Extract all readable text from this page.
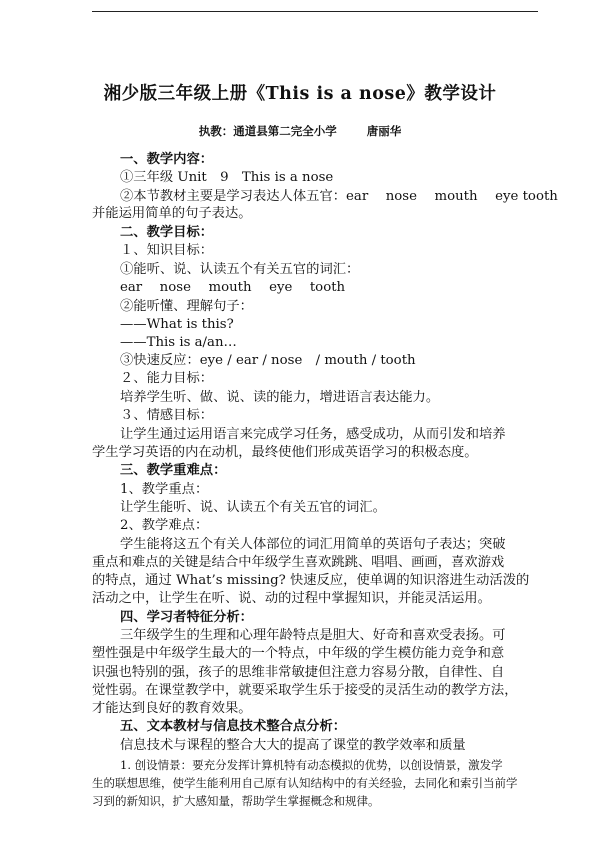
湘少版三年级上册《This is a nose》教学设计
执教：通道县第二完全小学	唐丽华
一、教学内容：
①三年级 Unit　9　This is a nose
②本节教材主要是学习表达人体五官：ear　 nose　 mouth　 eye tooth
并能运用简单的句子表达。
二、教学目标：
１、知识目标：
①能听、说、认读五个有关五官的词汇：
ear　 nose　 mouth　 eye　 tooth
②能听懂、理解句子：
——What is this?
——This is a/an…
③快速反应：eye / ear / nose　/ mouth / tooth
２、能力目标：
培养学生听、做、说、读的能力，增进语言表达能力。
３、情感目标：
让学生通过运用语言来完成学习任务，感受成功，从而引发和培养
学生学习英语的内在动机，最终使他们形成英语学习的积极态度。
三、教学重难点：
1、教学重点：
让学生能听、说、认读五个有关五官的词汇。
2、教学难点：
学生能将这五个有关人体部位的词汇用简单的英语句子表达；突破
重点和难点的关键是结合中年级学生喜欢跳跳、唱唱、画画，喜欢游戏
的特点，通过 What’s missing? 快速反应，使单调的知识溶进生动活泼的
活动之中，让学生在听、说、动的过程中掌握知识，并能灵活运用。
四、学习者特征分析：
三年级学生的生理和心理年龄特点是胆大、好奇和喜欢受表扬。可
塑性强是中年级学生最大的一个特点，中年级的学生模仿能力竞争和意
识强也特别的强，孩子的思维非常敏捷但注意力容易分散，自律性、自
觉性弱。在课堂教学中，就要采取学生乐于接受的灵活生动的教学方法，
才能达到良好的教育效果。
五、文本教材与信息技术整合点分析：
信息技术与课程的整合大大的提高了课堂的教学效率和质量
1. 创设情景：要充分发挥计算机特有动态模拟的优势，以创设情景，激发学
生的联想思维，使学生能利用自己原有认知结构中的有关经验，去同化和索引当前学
习到的新知识，扩大感知量，帮助学生掌握概念和规律。
